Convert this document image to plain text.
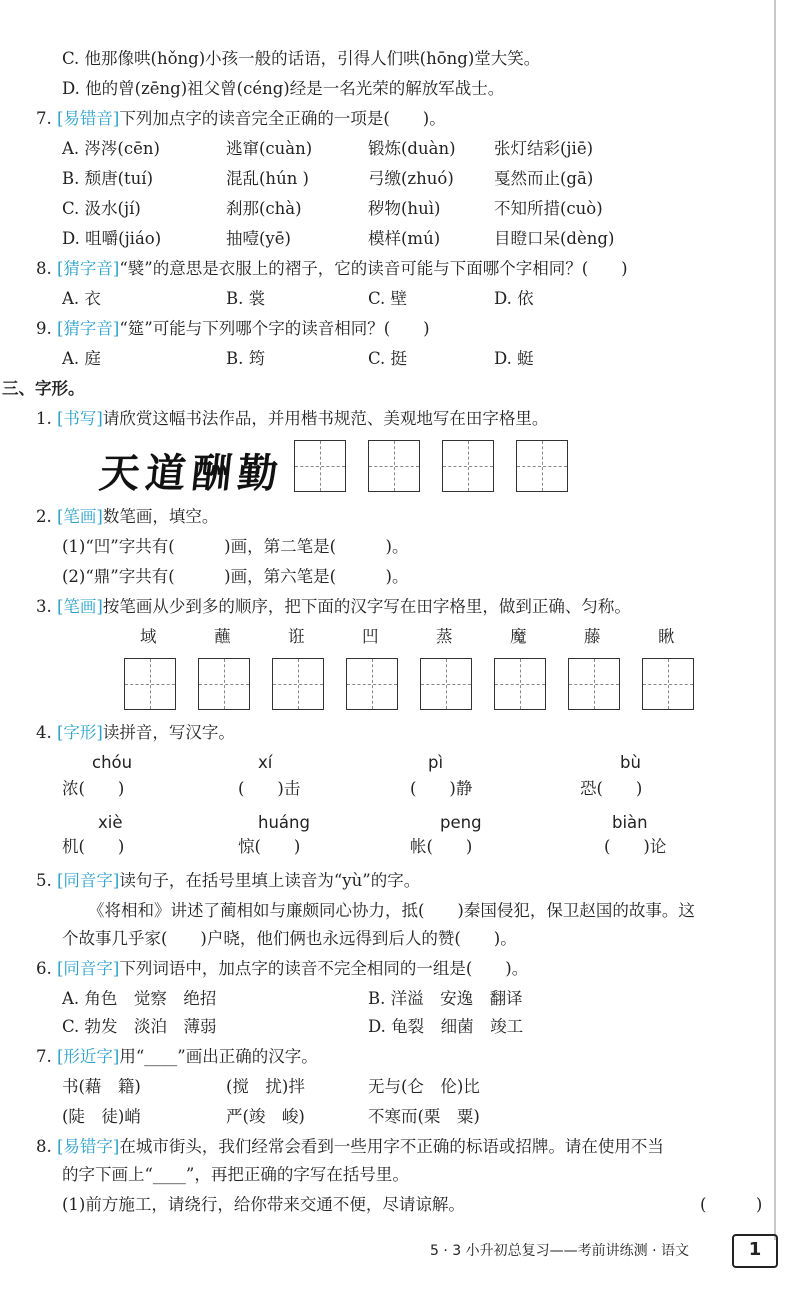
C. 他那像哄(hǒng)小孩一般的话语，引得人们哄(hōng)堂大笑。
D. 他的曾(zēng)祖父曾(céng)经是一名光荣的解放军战士。
7. [易错音]下列加点字的读音完全正确的一项是(　　)。
A. 涔涔(cēn)	逃窜(cuàn)	锻炼(duàn) 张灯结彩(jiē)
B. 颓唐(tuí)	混乱(hún )	弓缴(zhuó) 戛然而止(gā)
C. 汲水(jí)	刹那(chà)	秽物(huì)	不知所措(cuò)
D. 咀嚼(jiáo)	抽噎(yē)	模样(mú)	目瞪口呆(dèng)
8. [猜字音]“襞”的意思是衣服上的褶子，它的读音可能与下面哪个字相同？(　　)
A. 衣	B. 裳	C. 壁	D. 依
9. [猜字音]“筵”可能与下列哪个字的读音相同？(　　)
A. 庭	B. 筠	C. 挺	D. 蜓
三、字形。
1. [书写]请欣赏这幅书法作品，并用楷书规范、美观地写在田字格里。
天道酬勤
2. [笔画]数笔画，填空。
(1)“凹”字共有(　　　)画，第二笔是(　　　)。
(2)“鼎”字共有(　　　)画，第六笔是(　　　)。
3. [笔画]按笔画从少到多的顺序，把下面的汉字写在田字格里，做到正确、匀称。
域	蘸	诳	凹	蒸	魔	藤	瞅
4. [字形]读拼音，写汉字。
chóu	xí	pì	bù
浓(　　)	(　　)击	(　　)静	恐(　　)
xiè	huáng	peng	biàn
机(　　)	惊(　　)	帐(　　)	(　　)论
5. [同音字]读句子，在括号里填上读音为“yù”的字。
《将相和》讲述了蔺相如与廉颇同心协力，抵(　　)秦国侵犯，保卫赵国的故事。这
个故事几乎家(　　)户晓，他们俩也永远得到后人的赞(　　)。
6. [同音字]下列词语中，加点字的读音不完全相同的一组是(　　)。
A. 角色　觉察　绝招	B. 洋溢　安逸　翻译
C. 勃发　淡泊　薄弱	D. 龟裂　细菌　竣工
7. [形近字]用“____”画出正确的汉字。
书(藉　籍)	(搅　扰)拌	无与(仑　伦)比
(陡　徒)峭	严(竣　峻)	不寒而(栗　粟)
8. [易错字]在城市街头，我们经常会看到一些用字不正确的标语或招牌。请在使用不当
的字下画上“____”，再把正确的字写在括号里。
(1)前方施工，请绕行，给你带来交通不便，尽请谅解。	(　　　)
5 · 3 小升初总复习——考前讲练测 · 语文	1
